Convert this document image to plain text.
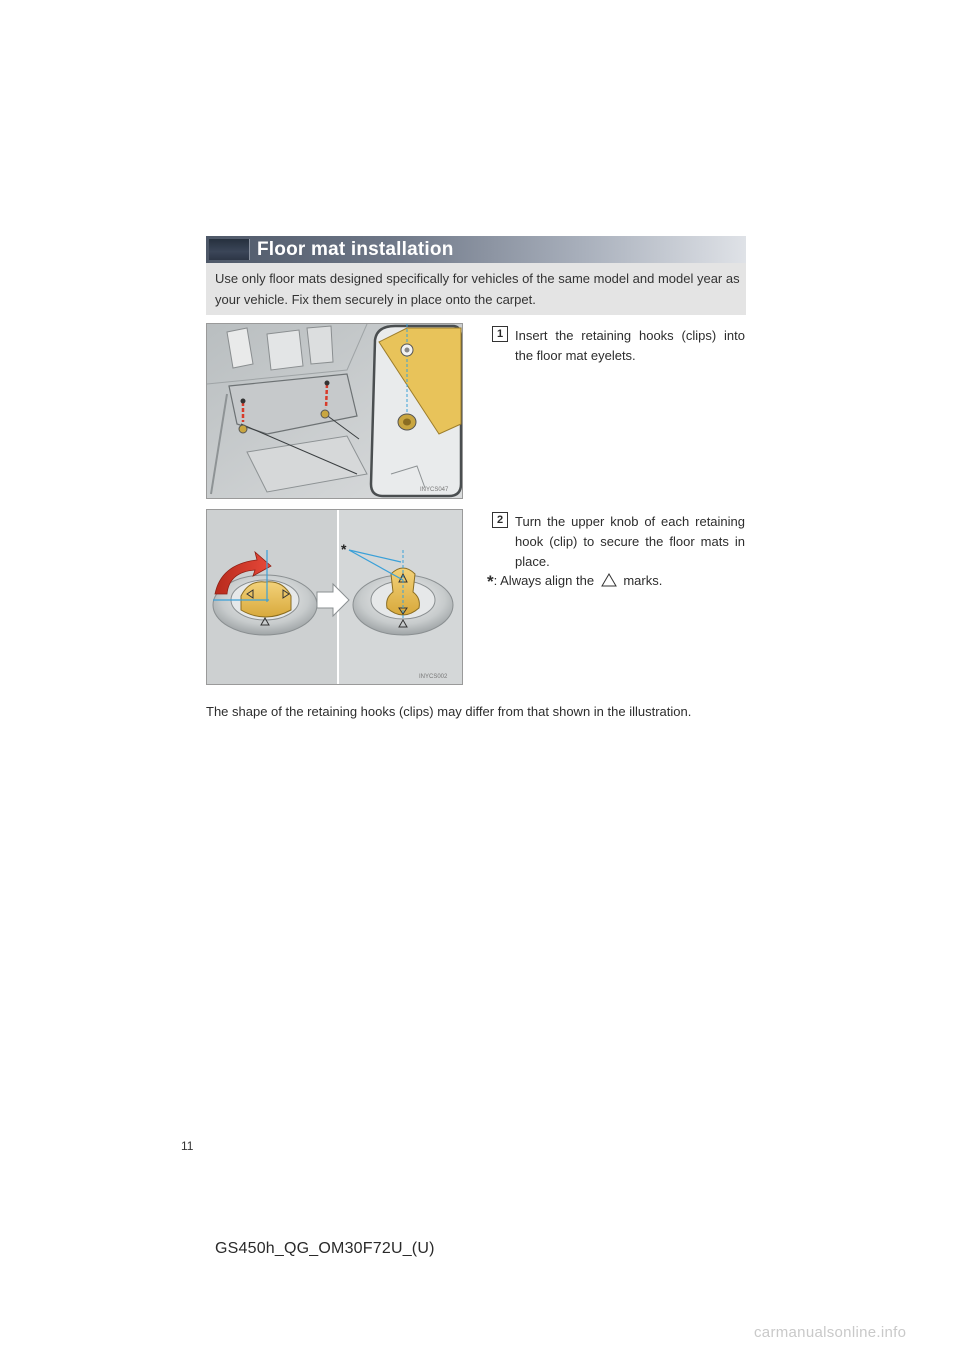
Floor mat installation
Use only floor mats designed specifically for vehicles of the same model and model year as your vehicle. Fix them securely in place onto the carpet.
INYCS047
1 Insert the retaining hooks (clips) into the floor mat eyelets.
*
INYCS002
2 Turn the upper knob of each retaining hook (clip) to secure the floor mats in place.
*: Always align the marks.
The shape of the retaining hooks (clips) may differ from that shown in the illustration.
11
GS450h_QG_OM30F72U_(U)
carmanualsonline.info
